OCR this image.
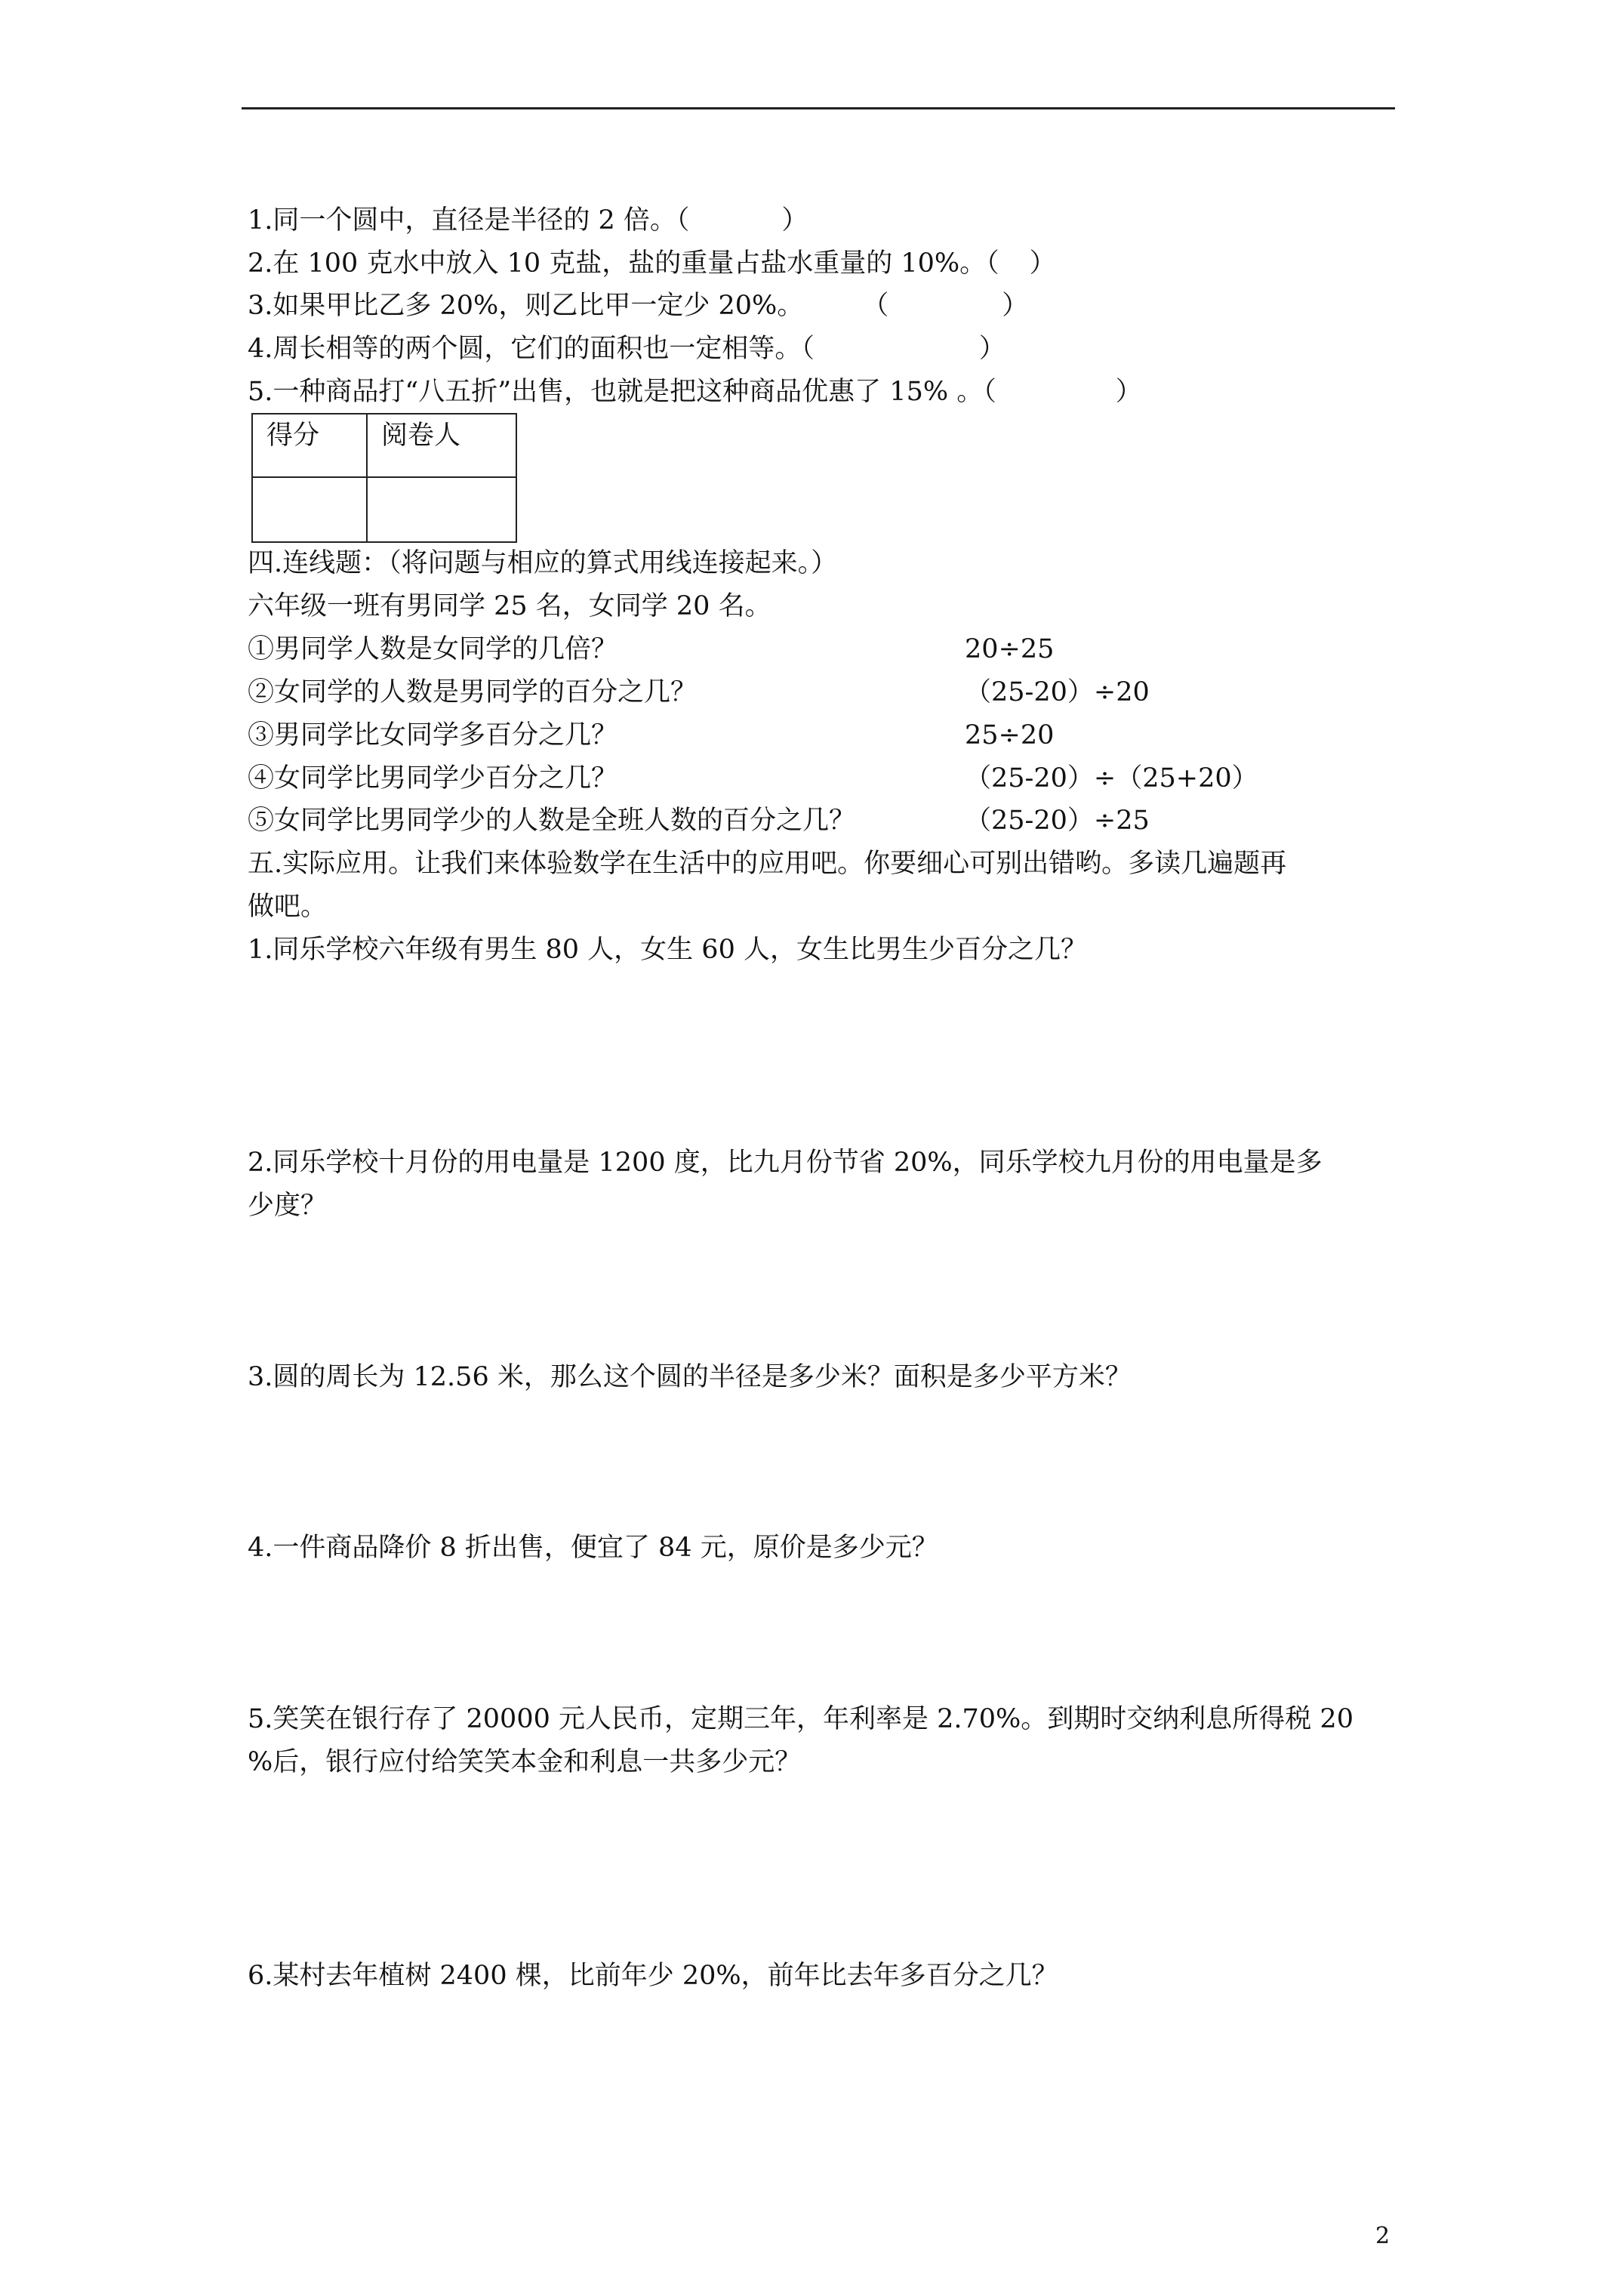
1.同一个圆中，直径是半径的 2 倍。（	）
2.在 100 克水中放入 10 克盐，盐的重量占盐水重量的 10%。（ ）
3.如果甲比乙多 20%，则乙比甲一定少 20%。 （	）
4.周长相等的两个圆，它们的面积也一定相等。（	）
5.一种商品打“八五折”出售，也就是把这种商品优惠了 15% 。（	）
得分	阅卷人

四.连线题：（将问题与相应的算式用线连接起来。）
六年级一班有男同学 25 名，女同学 20 名。
①男同学人数是女同学的几倍？	20÷25
②女同学的人数是男同学的百分之几？	（25-20）÷20
③男同学比女同学多百分之几？	25÷20
④女同学比男同学少百分之几？	（25-20）÷（25+20）
⑤女同学比男同学少的人数是全班人数的百分之几？	（25-20）÷25
五.实际应用。让我们来体验数学在生活中的应用吧。你要细心可别出错哟。多读几遍题再
做吧。
1.同乐学校六年级有男生 80 人，女生 60 人，女生比男生少百分之几？
2.同乐学校十月份的用电量是 1200 度，比九月份节省 20%，同乐学校九月份的用电量是多
少度？
3.圆的周长为 12.56 米，那么这个圆的半径是多少米？面积是多少平方米？
4.一件商品降价 8 折出售，便宜了 84 元，原价是多少元？
5.笑笑在银行存了 20000 元人民币，定期三年，年利率是 2.70%。到期时交纳利息所得税 20
%后，银行应付给笑笑本金和利息一共多少元？
6.某村去年植树 2400 棵，比前年少 20%，前年比去年多百分之几？
2
